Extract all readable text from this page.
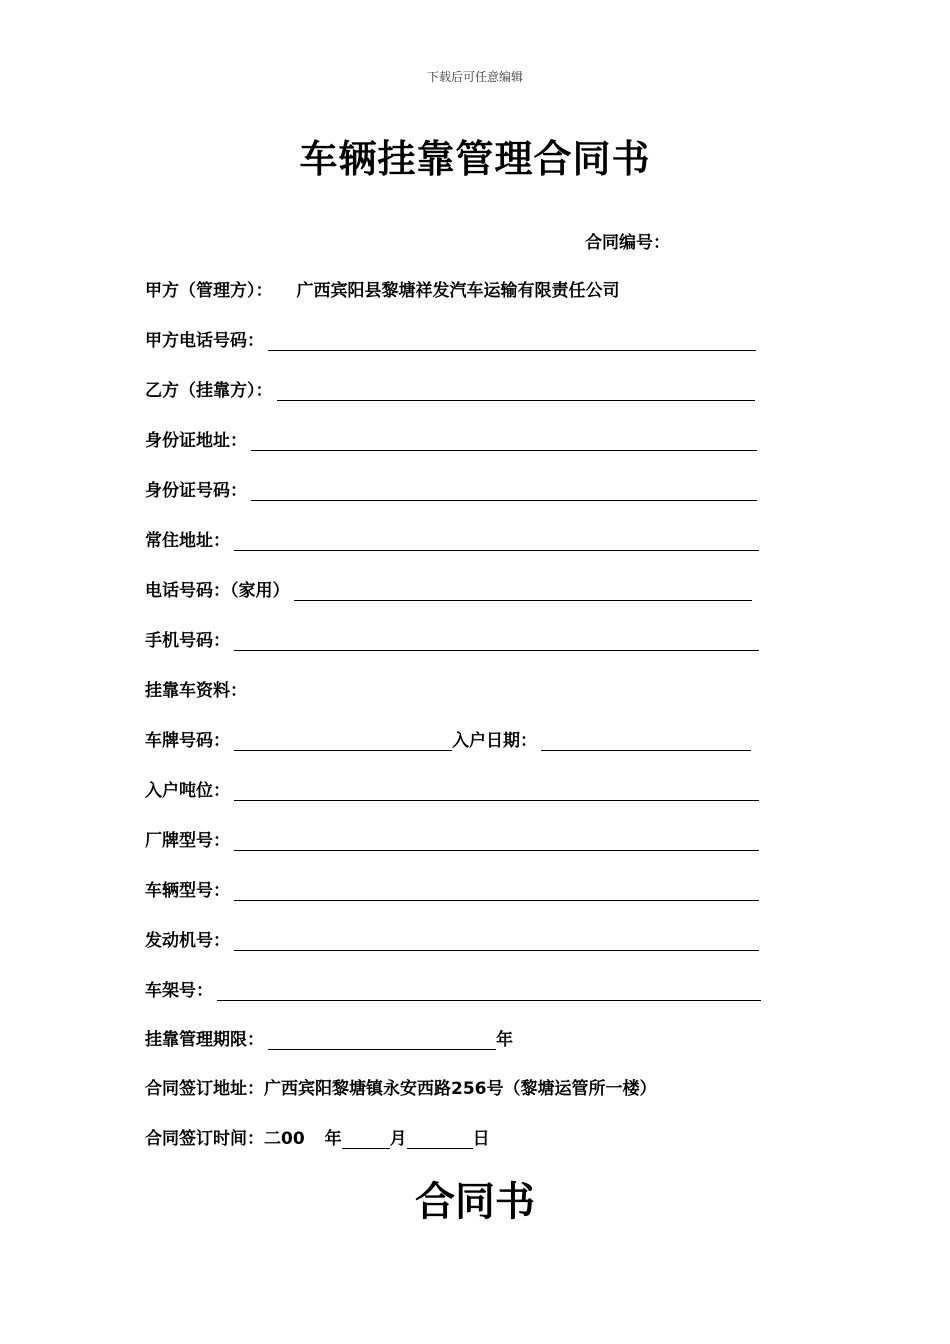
下载后可任意编辑
车辆挂靠管理合同书
合同编号：
甲方（管理方）： 广西宾阳县黎塘祥发汽车运输有限责任公司
甲方电话号码：
乙方（挂靠方）：
身份证地址：
身份证号码：
常住地址：
电话号码：（家用）
手机号码：
挂靠车资料：
车牌号码：	入户日期：
入户吨位：
厂牌型号：
车辆型号：
发动机号：
车架号：
挂靠管理期限：	年
合同签订地址： 广西宾阳黎塘镇永安西路256号（黎塘运管所一楼）
合同签订时间：二00 年	月	日
合同书
